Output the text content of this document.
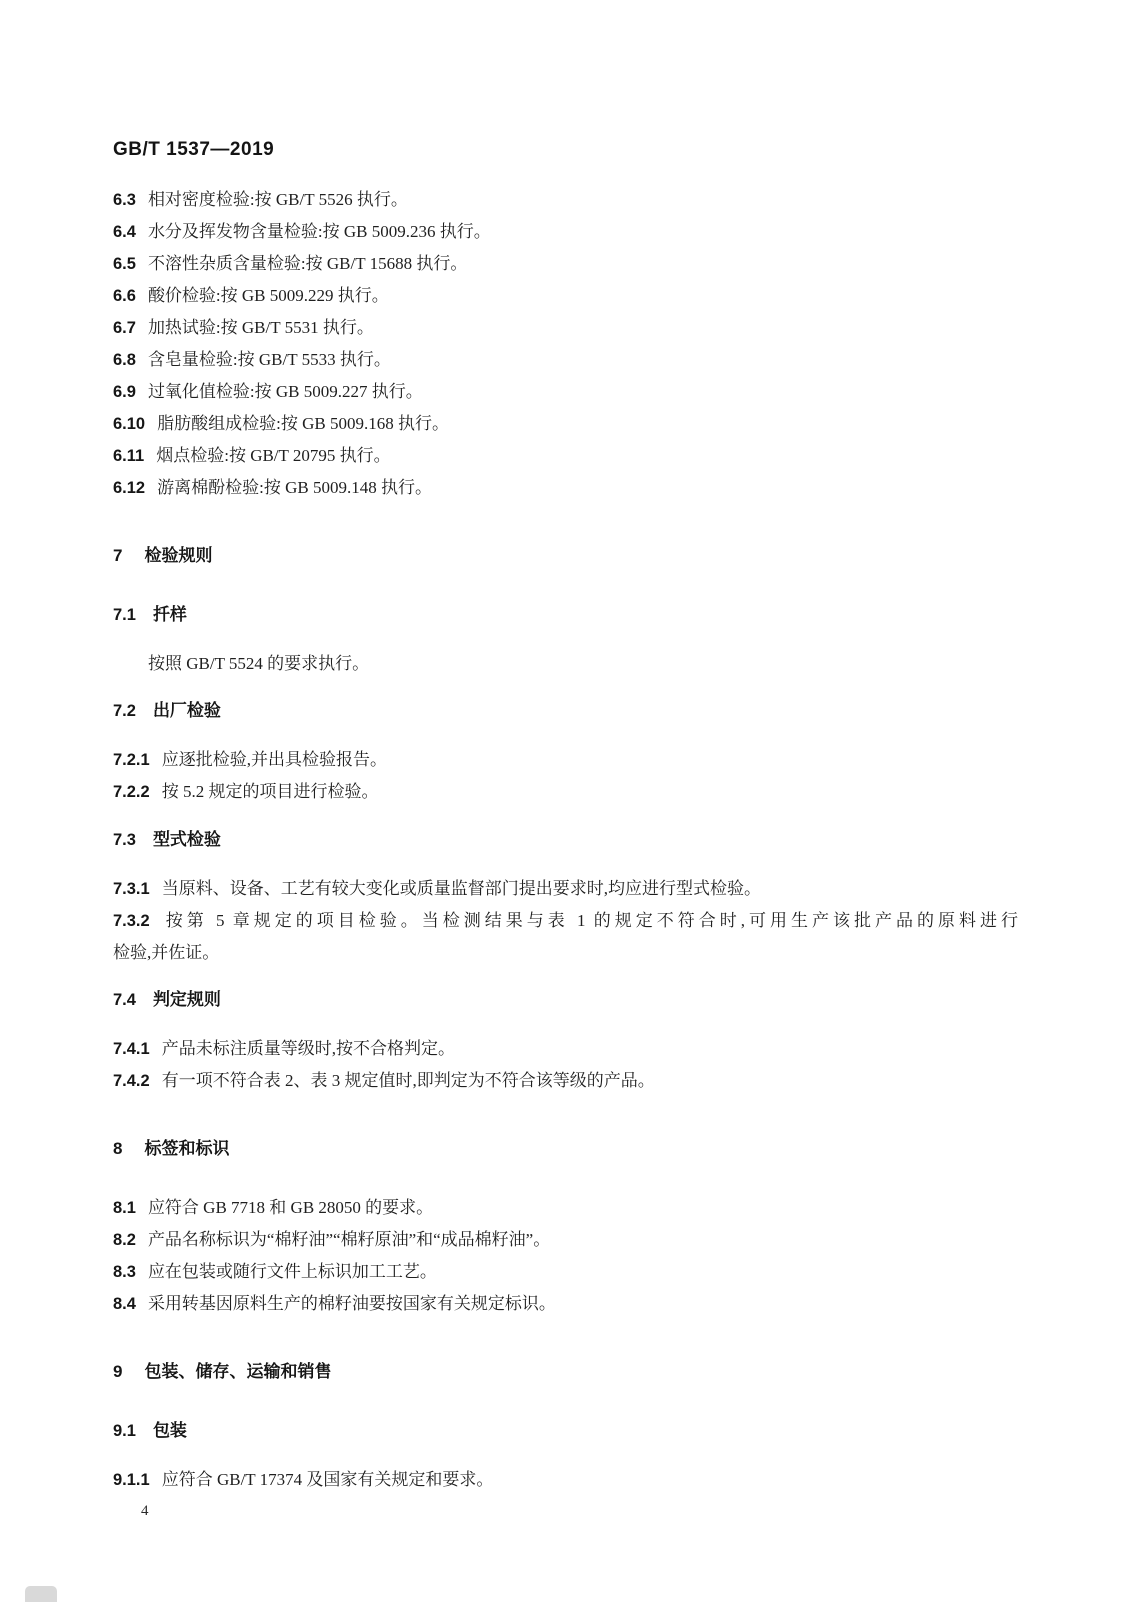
GB/T 1537—2019
6.3 相对密度检验:按 GB/T 5526 执行。
6.4 水分及挥发物含量检验:按 GB 5009.236 执行。
6.5 不溶性杂质含量检验:按 GB/T 15688 执行。
6.6 酸价检验:按 GB 5009.229 执行。
6.7 加热试验:按 GB/T 5531 执行。
6.8 含皂量检验:按 GB/T 5533 执行。
6.9 过氧化值检验:按 GB 5009.227 执行。
6.10 脂肪酸组成检验:按 GB 5009.168 执行。
6.11 烟点检验:按 GB/T 20795 执行。
6.12 游离棉酚检验:按 GB 5009.148 执行。
7 检验规则
7.1 扦样
按照 GB/T 5524 的要求执行。
7.2 出厂检验
7.2.1 应逐批检验,并出具检验报告。
7.2.2 按 5.2 规定的项目进行检验。
7.3 型式检验
7.3.1 当原料、设备、工艺有较大变化或质量监督部门提出要求时,均应进行型式检验。
7.3.2 按第 5 章规定的项目检验。当检测结果与表 1 的规定不符合时,可用生产该批产品的原料进行
检验,并佐证。
7.4 判定规则
7.4.1 产品未标注质量等级时,按不合格判定。
7.4.2 有一项不符合表 2、表 3 规定值时,即判定为不符合该等级的产品。
8 标签和标识
8.1 应符合 GB 7718 和 GB 28050 的要求。
8.2 产品名称标识为“棉籽油”“棉籽原油”和“成品棉籽油”。
8.3 应在包装或随行文件上标识加工工艺。
8.4 采用转基因原料生产的棉籽油要按国家有关规定标识。
9 包装、储存、运输和销售
9.1 包装
9.1.1 应符合 GB/T 17374 及国家有关规定和要求。
4
